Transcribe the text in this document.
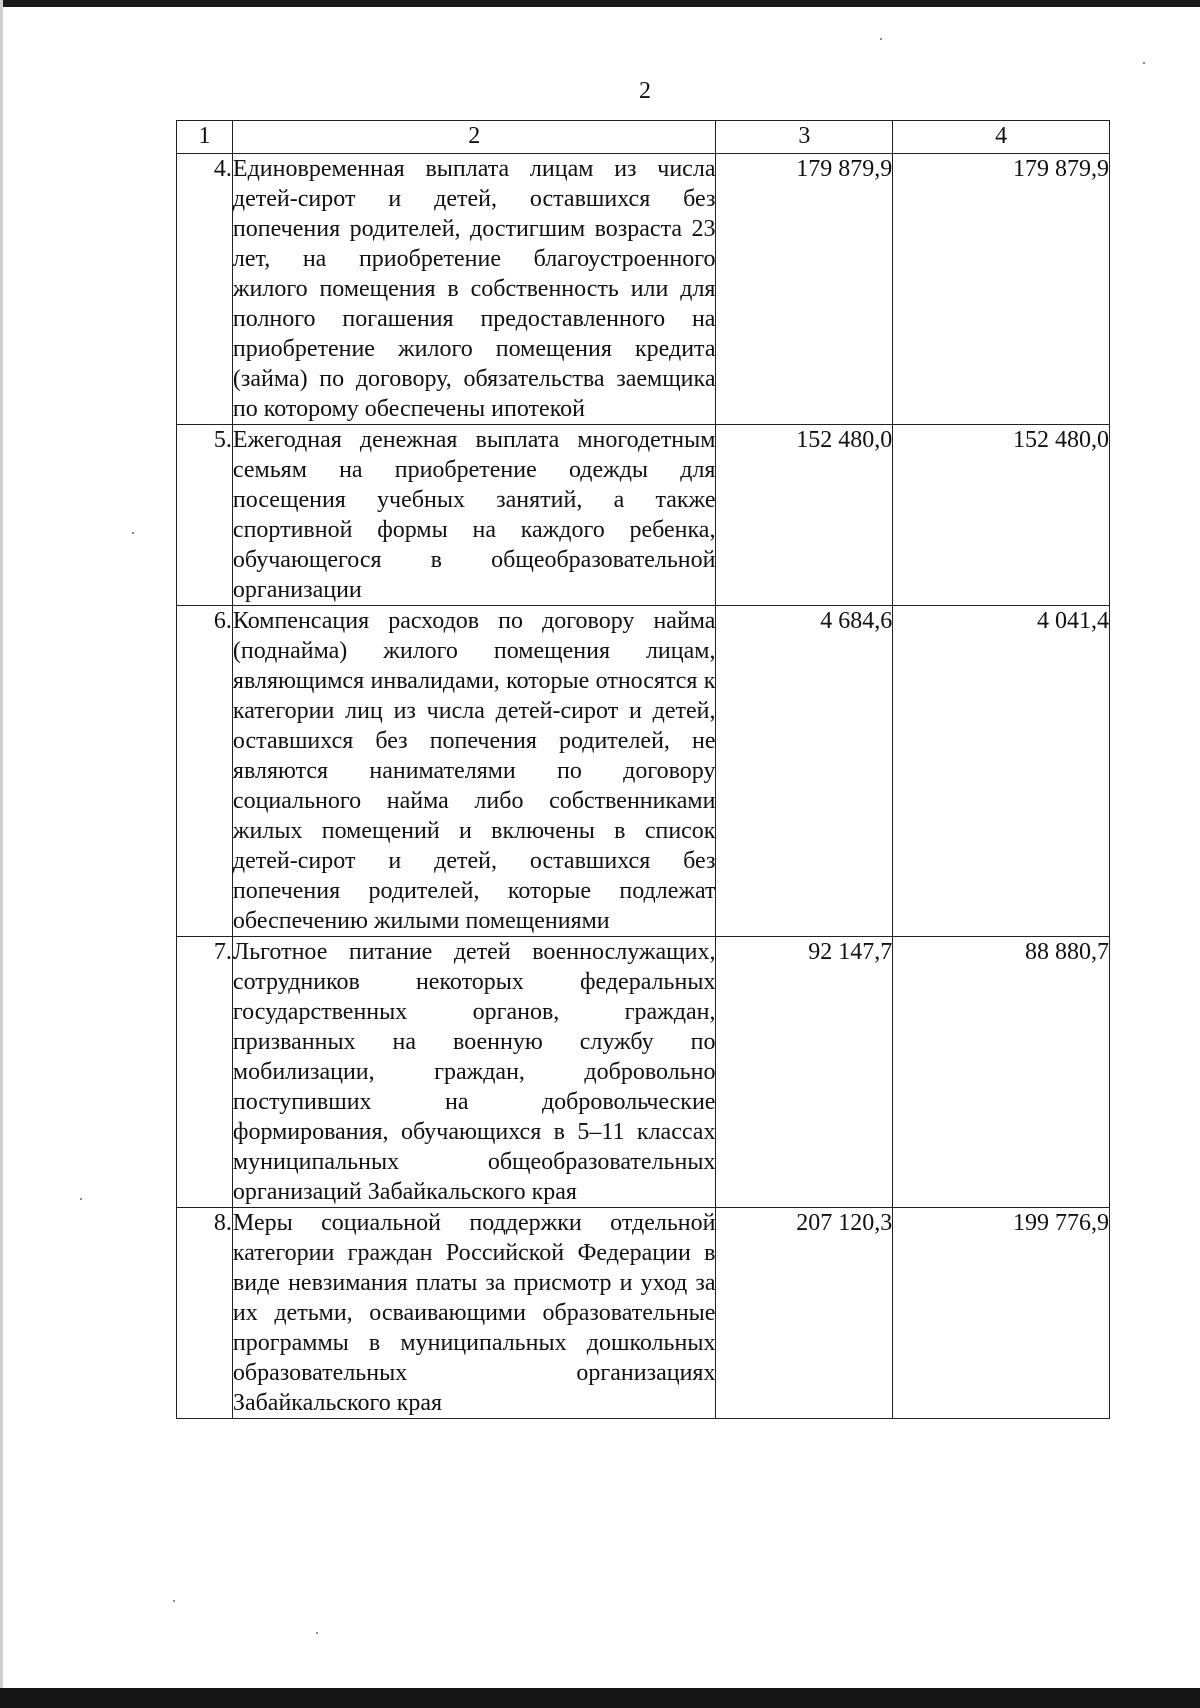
2
1	2	3	4
4.	Единовременная выплата лицам из числа детей-сирот и детей, оставшихся без попечения родителей, достигшим возраста 23 лет, на приобретение благоустроенного жилого помещения в собственность или для полного погашения предоставленного на приобретение жилого помещения кредита (займа) по договору, обязательства заемщика по которому обеспечены ипотекой	179 879,9	179 879,9
5.	Ежегодная денежная выплата многодетным семьям на приобретение одежды для посещения учебных занятий, а также спортивной формы на каждого ребенка, обучающегося в общеобразовательной организации	152 480,0	152 480,0
6.	Компенсация расходов по договору найма (поднайма) жилого помещения лицам, являющимся инвалидами, которые относятся к категории лиц из числа детей-сирот и детей, оставшихся без попечения родителей, не являются нанимателями по договору социального найма либо собственниками жилых помещений и включены в список детей-сирот и детей, оставшихся без попечения родителей, которые подлежат обеспечению жилыми помещениями	4 684,6	4 041,4
7.	Льготное питание детей военнослужащих, сотрудников некоторых федеральных государственных органов, граждан, призванных на военную службу по мобилизации, граждан, добровольно поступивших на добровольческие формирования, обучающихся в 5–11 классах муниципальных общеобразовательных организаций Забайкальского края	92 147,7	88 880,7
8.	Меры социальной поддержки отдельной категории граждан Российской Федерации в виде невзимания платы за присмотр и уход за их детьми, осваивающими образовательные программы в муниципальных дошкольных образовательных организациях Забайкальского края	207 120,3	199 776,9
